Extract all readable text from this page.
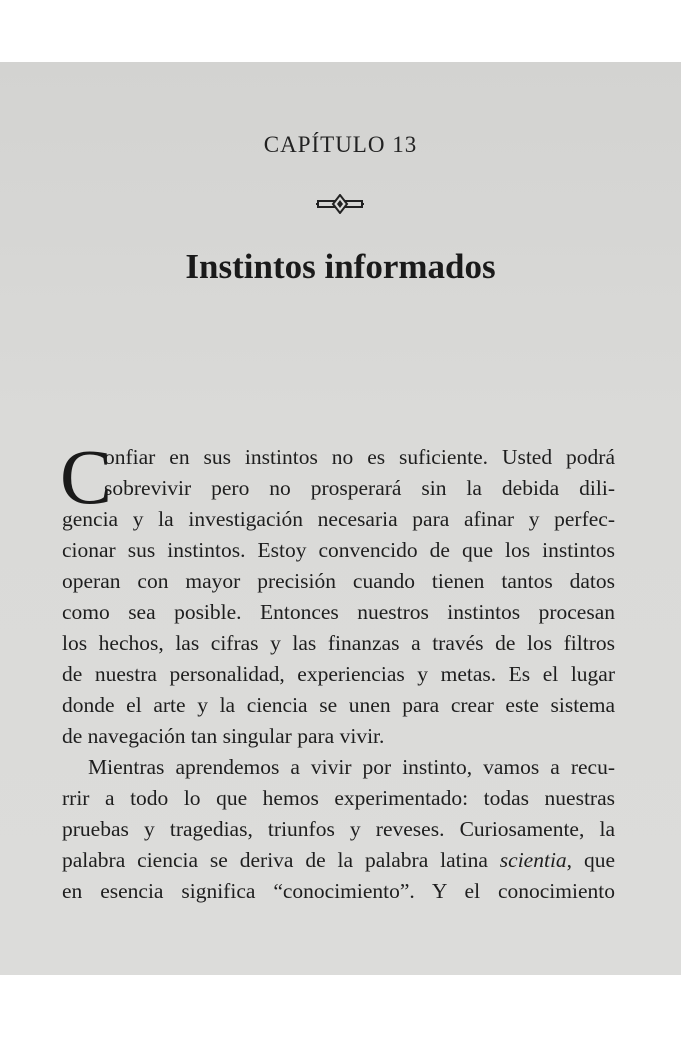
CAPÍTULO 13
Instintos informados
C
onfiar en sus instintos no es suficiente. Usted podrá
sobrevivir pero no prosperará sin la debida dili-
gencia y la investigación necesaria para afinar y perfec-
cionar sus instintos. Estoy convencido de que los instintos
operan con mayor precisión cuando tienen tantos datos
como sea posible. Entonces nuestros instintos procesan
los hechos, las cifras y las finanzas a través de los filtros
de nuestra personalidad, experiencias y metas. Es el lugar
donde el arte y la ciencia se unen para crear este sistema
de navegación tan singular para vivir.
Mientras aprendemos a vivir por instinto, vamos a recu-
rrir a todo lo que hemos experimentado: todas nuestras
pruebas y tragedias, triunfos y reveses. Curiosamente, la
palabra ciencia se deriva de la palabra latina scientia, que
en esencia significa “conocimiento”. Y el conocimiento
